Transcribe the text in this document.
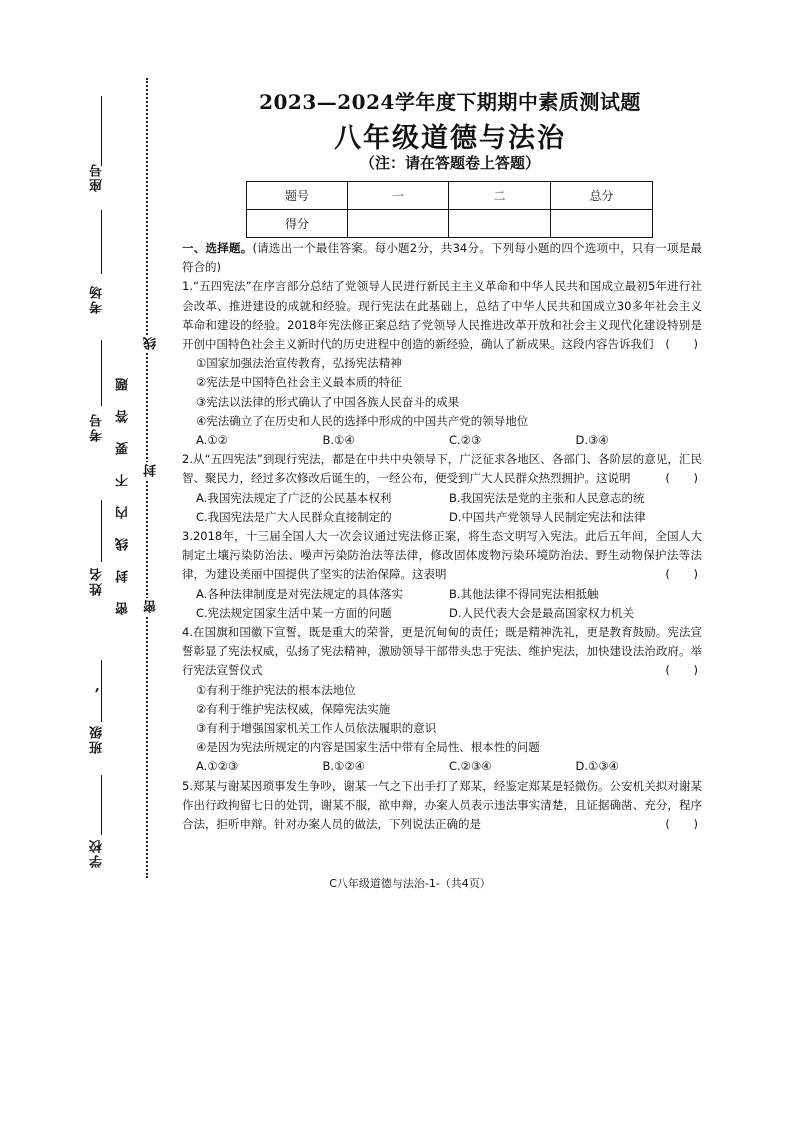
座号
考场
考号
姓名
,
班级
学校
密封线内不要答题
线
封
密
2023—2024学年度下期期中素质测试题
八年级道德与法治
（注：请在答题卷上答题）
题号	一	二	总分
得分			

一、选择题。(请选出一个最佳答案。每小题2分，共34分。下列每小题的四个选项中，只有一项是最符合的)

1.“五四宪法”在序言部分总结了党领导人民进行新民主主义革命和中华人民共和国成立最初5年进行社会改革、推进建设的成就和经验。现行宪法在此基础上，总结了中华人民共和国成立30多年社会主义革命和建设的经验。2018年宪法修正案总结了党领导人民推进改革开放和社会主义现代化建设特别是开创中国特色社会主义新时代的历史进程中创造的新经验，确认了新成果。这段内容告诉我们 ( )

①国家加强法治宣传教育，弘扬宪法精神

②宪法是中国特色社会主义最本质的特征

③宪法以法律的形式确认了中国各族人民奋斗的成果

④宪法确立了在历史和人民的选择中形成的中国共产党的领导地位

A.①②	B.①④	C.②③	D.③④

2.从“五四宪法”到现行宪法，都是在中共中央领导下，广泛征求各地区、各部门、各阶层的意见，汇民智、聚民力，经过多次修改后诞生的，一经公布，便受到广大人民群众热烈拥护。这说明	( )

A.我国宪法规定了广泛的公民基本权利	B.我国宪法是党的主张和人民意志的统
C.我国宪法是广大人民群众直接制定的	D.中国共产党领导人民制定宪法和法律

3.2018年，十三届全国人大一次会议通过宪法修正案，将生态文明写入宪法。此后五年间，全国人大制定土壤污染防治法、噪声污染防治法等法律，修改固体废物污染环境防治法、野生动物保护法等法律，为建设美丽中国提供了坚实的法治保障。这表明	( )

A.各种法律制度是对宪法规定的具体落实	B.其他法律不得同宪法相抵触
C.宪法规定国家生活中某一方面的问题	D.人民代表大会是最高国家权力机关

4.在国旗和国徽下宣誓，既是重大的荣誉，更是沉甸甸的责任；既是精神洗礼，更是教育鼓励。宪法宣誓彰显了宪法权威，弘扬了宪法精神，激励领导干部带头忠于宪法、维护宪法，加快建设法治政府。举行宪法宣誓仪式	( )

①有利于维护宪法的根本法地位

②有利于维护宪法权威，保障宪法实施

③有利于增强国家机关工作人员依法履职的意识

④是因为宪法所规定的内容是国家生活中带有全局性、根本性的问题

A.①②③	B.①②④	C.②③④	D.①③④

5.郑某与谢某因琐事发生争吵，谢某一气之下出手打了郑某，经鉴定郑某是轻微伤。公安机关拟对谢某作出行政拘留七日的处罚，谢某不服，欲申辩，办案人员表示违法事实清楚，且证据确凿、充分，程序合法，拒听申辩。针对办案人员的做法，下列说法正确的是	( )

C八年级道德与法治-1-（共4页）
